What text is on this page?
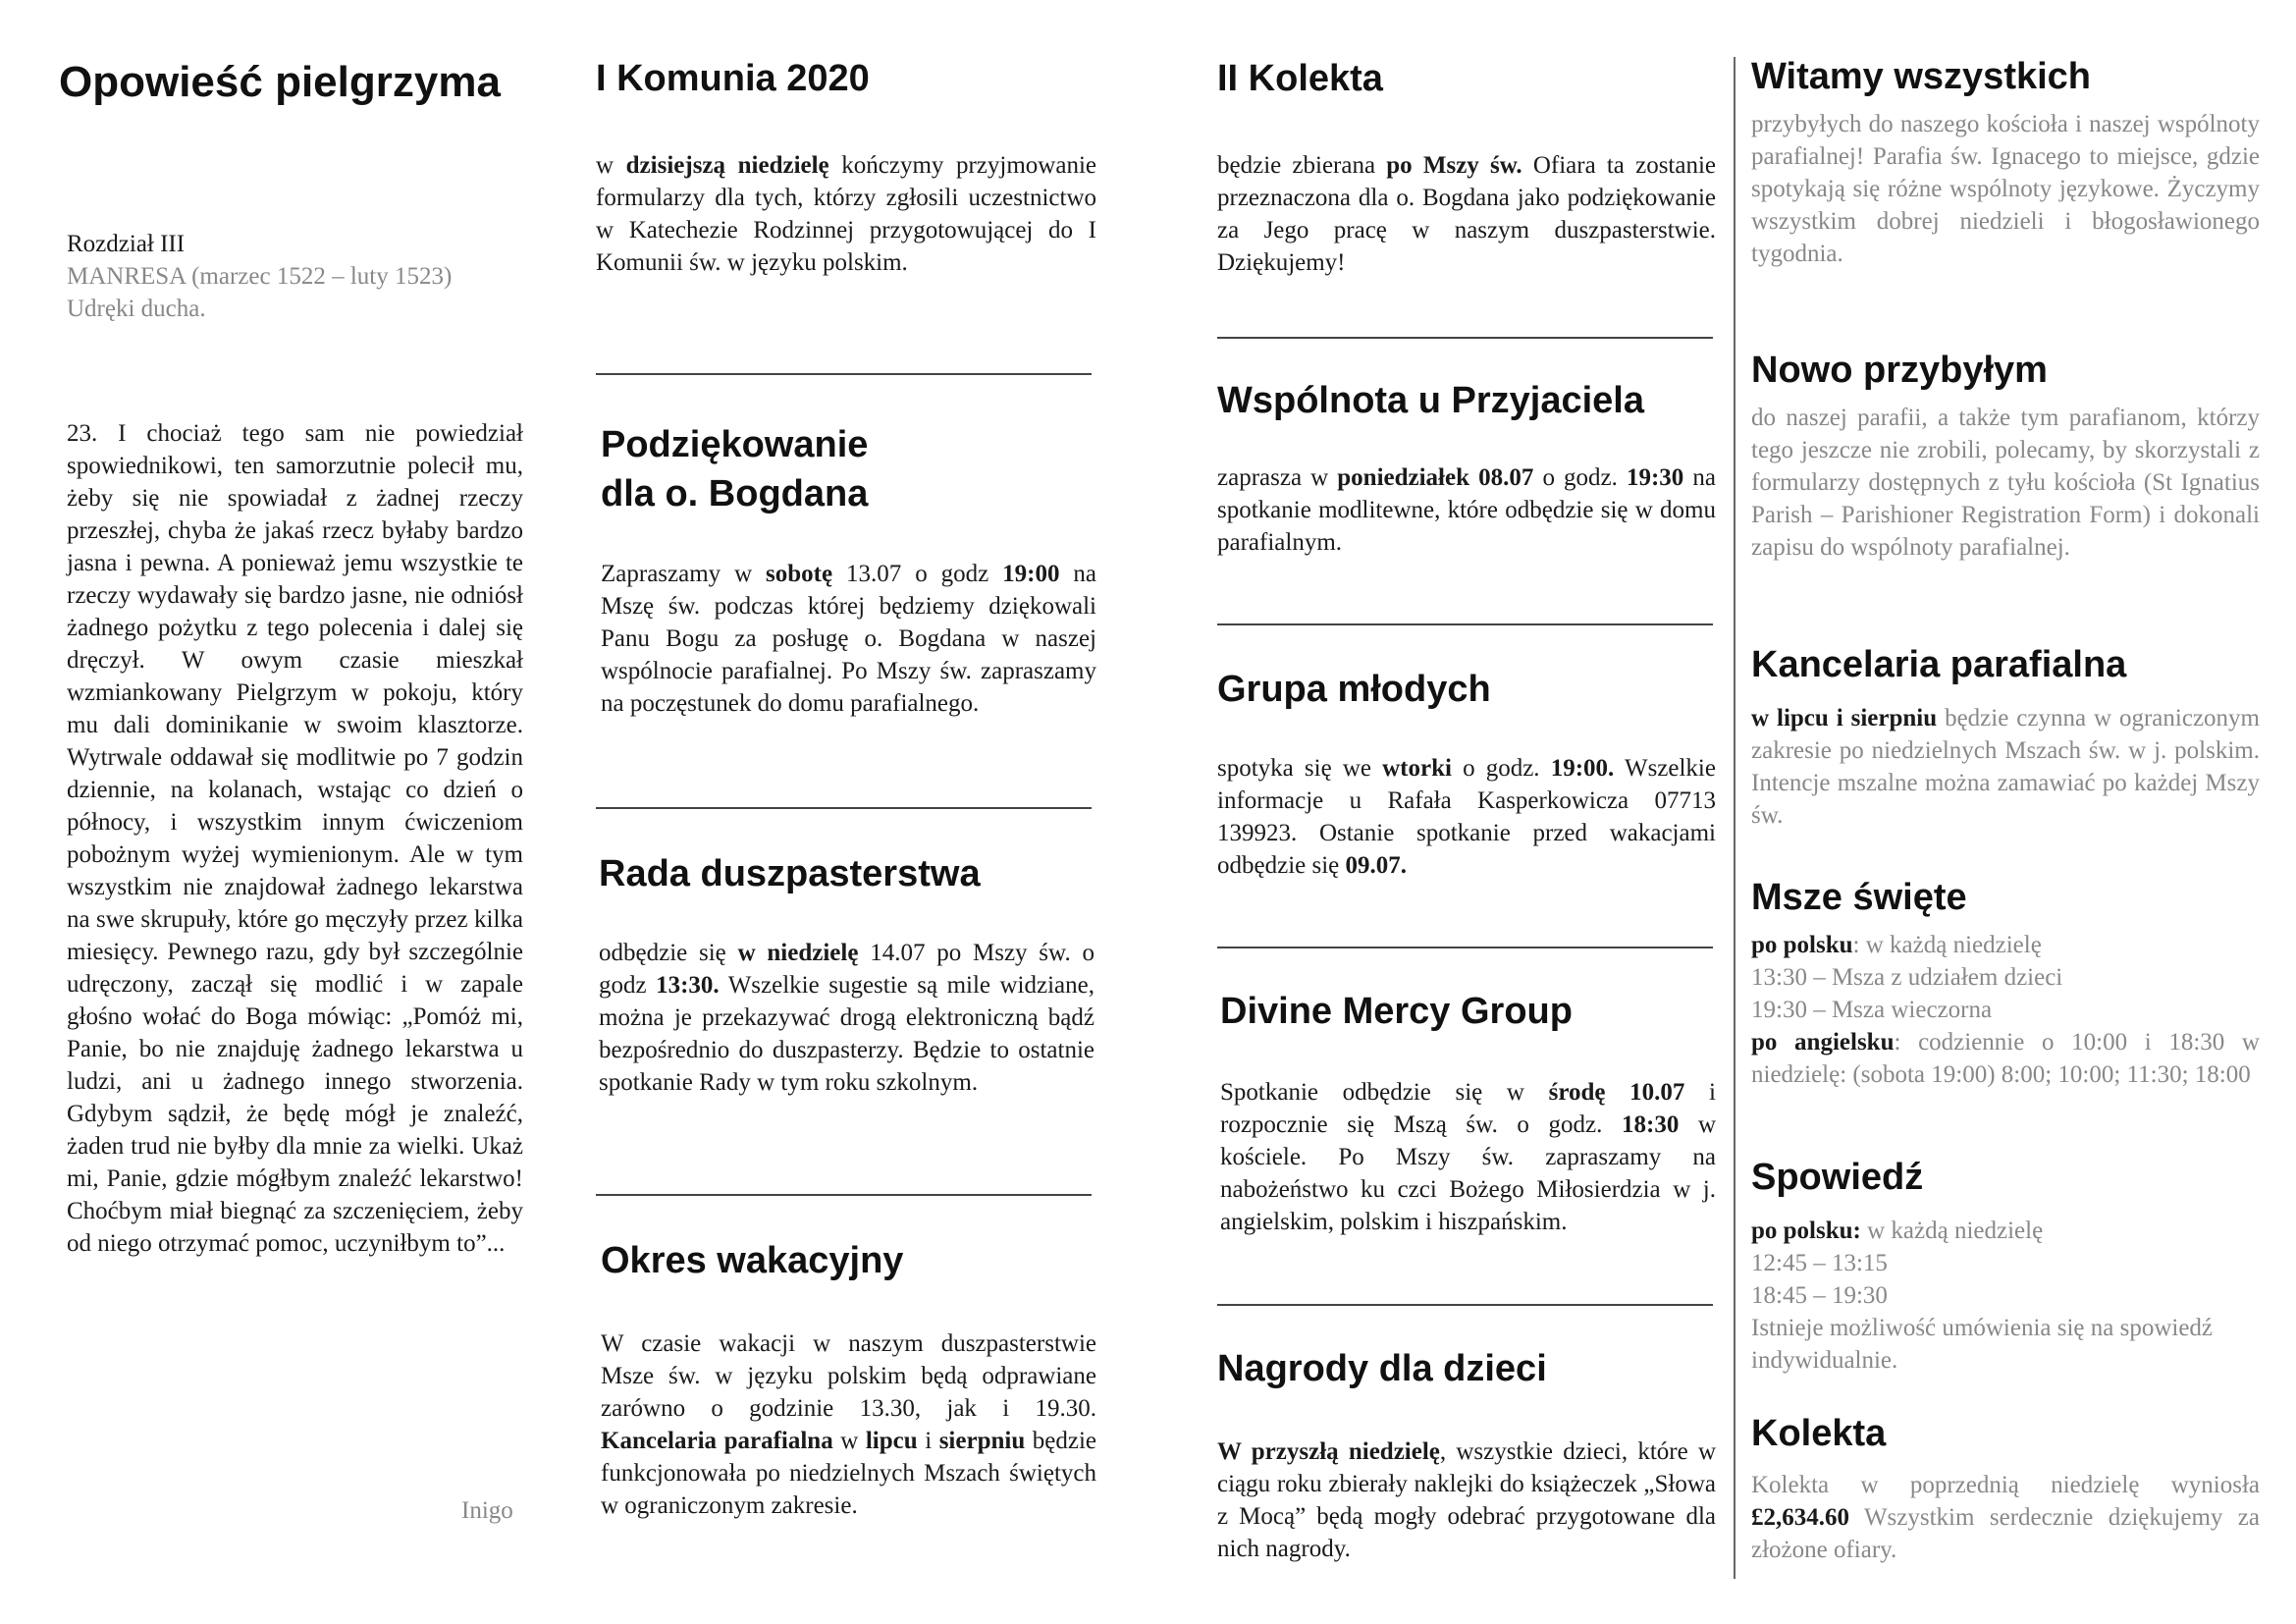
Opowieść pielgrzyma

Rozdział III

MANRESA (marzec 1522 – luty 1523)

Udręki ducha.

23. I chociaż tego sam nie powiedział spowiednikowi, ten samorzutnie polecił mu, żeby się nie spowiadał z żadnej rzeczy przeszłej, chyba że jakaś rzecz byłaby bardzo jasna i pewna. A ponieważ jemu wszystkie te rzeczy wydawały się bardzo jasne, nie odniósł żadnego pożytku z tego polecenia i dalej się dręczył. W owym czasie mieszkał wzmiankowany Pielgrzym w pokoju, który mu dali dominikanie w swoim klasztorze. Wytrwale oddawał się modlitwie po 7 godzin dziennie, na kolanach, wstając co dzień o północy, i wszystkim innym ćwiczeniom pobożnym wyżej wymienionym. Ale w tym wszystkim nie znajdował żadnego lekarstwa na swe skrupuły, które go męczyły przez kilka miesięcy. Pewnego razu, gdy był szczególnie udręczony, zaczął się modlić i w zapale głośno wołać do Boga mówiąc: „Pomóż mi, Panie, bo nie znajduję żadnego lekarstwa u ludzi, ani u żadnego innego stworzenia. Gdybym sądził, że będę mógł je znaleźć, żaden trud nie byłby dla mnie za wielki. Ukaż mi, Panie, gdzie mógłbym znaleźć lekarstwo! Choćbym miał biegnąć za szczenięciem, żeby od niego otrzymać pomoc, uczyniłbym to”...

Inigo

I Komunia 2020

w dzisiejszą niedzielę kończymy przyjmowanie formularzy dla tych, którzy zgłosili uczestnictwo w Katechezie Rodzinnej przygotowującej do I Komunii św. w języku polskim.

Podziękowanie
dla o. Bogdana

Zapraszamy w sobotę 13.07 o godz 19:00 na Mszę św. podczas której będziemy dziękowali Panu Bogu za posługę o. Bogdana w naszej wspólnocie parafialnej. Po Mszy św. zapraszamy na poczęstunek do domu parafialnego.

Rada duszpasterstwa

odbędzie się w niedzielę 14.07 po Mszy św. o godz 13:30. Wszelkie sugestie są mile widziane, można je przekazywać drogą elektroniczną bądź bezpośrednio do duszpasterzy. Będzie to ostatnie spotkanie Rady w tym roku szkolnym.

Okres wakacyjny

W czasie wakacji w naszym duszpasterstwie Msze św. w języku polskim będą odprawiane zarówno o godzinie 13.30, jak i 19.30. Kancelaria parafialna w lipcu i sierpniu będzie funkcjonowała po niedzielnych Mszach świętych w ograniczonym zakresie.

II Kolekta

będzie zbierana po Mszy św. Ofiara ta zostanie przeznaczona dla o. Bogdana jako podziękowanie za Jego pracę w naszym duszpasterstwie. Dziękujemy!

Wspólnota u Przyjaciela

zaprasza w poniedziałek 08.07 o godz. 19:30 na spotkanie modlitewne, które odbędzie się w domu parafialnym.

Grupa młodych

spotyka się we wtorki o godz. 19:00. Wszelkie informacje u Rafała Kasperkowicza 07713 139923. Ostanie spotkanie przed wakacjami odbędzie się 09.07.

Divine Mercy Group

Spotkanie odbędzie się w środę 10.07 i rozpocznie się Mszą św. o godz. 18:30 w kościele. Po Mszy św. zapraszamy na nabożeństwo ku czci Bożego Miłosierdzia w j. angielskim, polskim i hiszpańskim.

Nagrody dla dzieci

W przyszłą niedzielę, wszystkie dzieci, które w ciągu roku zbierały naklejki do książeczek „Słowa z Mocą” będą mogły odebrać przygotowane dla nich nagrody.

Witamy wszystkich

przybyłych do naszego kościoła i naszej wspólnoty parafialnej! Parafia św. Ignacego to miejsce, gdzie spotykają się różne wspólnoty językowe. Życzymy wszystkim dobrej niedzieli i błogosławionego tygodnia.

Nowo przybyłym

do naszej parafii, a także tym parafianom, którzy tego jeszcze nie zrobili, polecamy, by skorzystali z formularzy dostępnych z tyłu kościoła (St Ignatius Parish – Parishioner Registration Form) i dokonali zapisu do wspólnoty parafialnej.

Kancelaria parafialna

w lipcu i sierpniu będzie czynna w ograniczonym zakresie po niedzielnych Mszach św. w j. polskim. Intencje mszalne można zamawiać po każdej Mszy św.

Msze święte

po polsku: w każdą niedzielę

13:30 – Msza z udziałem dzieci

19:30 – Msza wieczorna

po angielsku: codziennie o 10:00 i 18:30 w niedzielę: (sobota 19:00) 8:00; 10:00; 11:30; 18:00

Spowiedź

po polsku: w każdą niedzielę

12:45 – 13:15

18:45 – 19:30

Istnieje możliwość umówienia się na spowiedź indywidualnie.

Kolekta

Kolekta w poprzednią niedzielę wyniosła £2,634.60 Wszystkim serdecznie dziękujemy za złożone ofiary.
